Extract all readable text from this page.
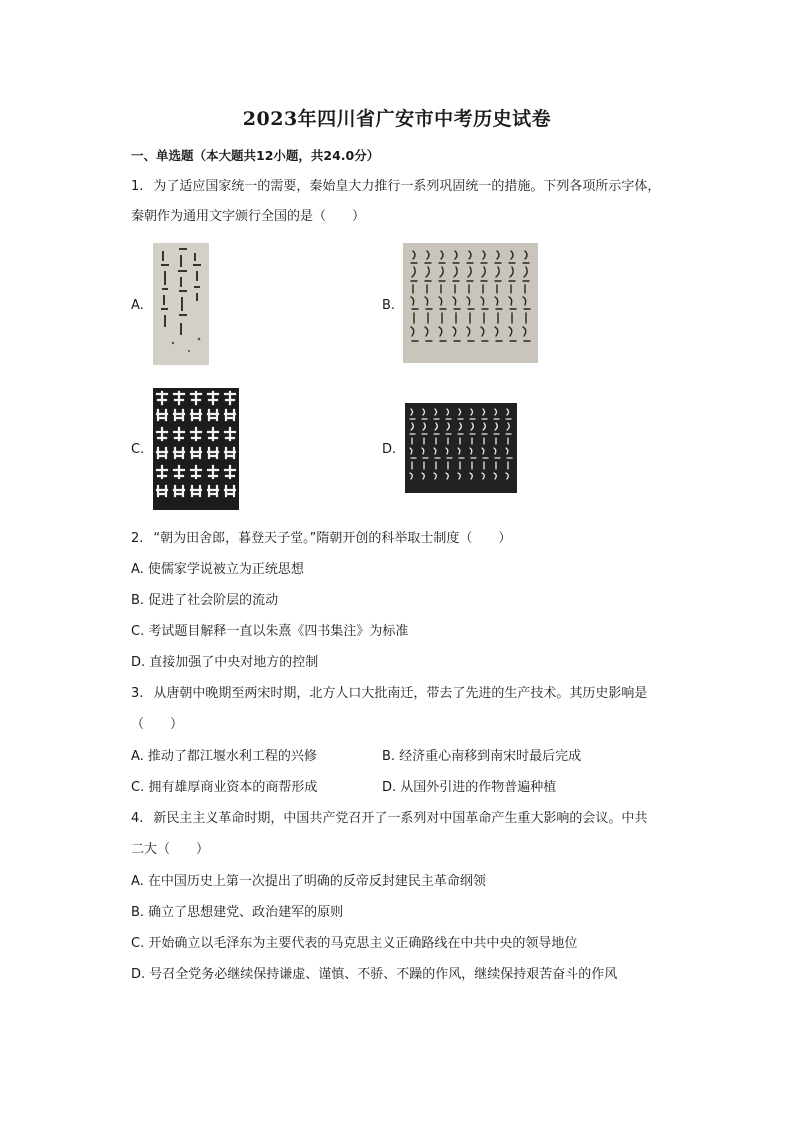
2023年四川省广安市中考历史试卷
一、单选题（本大题共12小题，共24.0分）
1. 为了适应国家统一的需要，秦始皇大力推行一系列巩固统一的措施。下列各项所示字体，
秦朝作为通用文字颁行全国的是（　　）
A.	B.
C.	D.
2. “朝为田舍郎，暮登天子堂。”隋朝开创的科举取士制度（　　）
A. 使儒家学说被立为正统思想
B. 促进了社会阶层的流动
C. 考试题目解释一直以朱熹《四书集注》为标准
D. 直接加强了中央对地方的控制
3. 从唐朝中晚期至两宋时期，北方人口大批南迁，带去了先进的生产技术。其历史影响是
（　　）
A. 推动了都江堰水利工程的兴修	B. 经济重心南移到南宋时最后完成
C. 拥有雄厚商业资本的商帮形成	D. 从国外引进的作物普遍种植
4. 新民主主义革命时期，中国共产党召开了一系列对中国革命产生重大影响的会议。中共
二大（　　）
A. 在中国历史上第一次提出了明确的反帝反封建民主革命纲领
B. 确立了思想建党、政治建军的原则
C. 开始确立以毛泽东为主要代表的马克思主义正确路线在中共中央的领导地位
D. 号召全党务必继续保持谦虚、谨慎、不骄、不躁的作风，继续保持艰苦奋斗的作风
